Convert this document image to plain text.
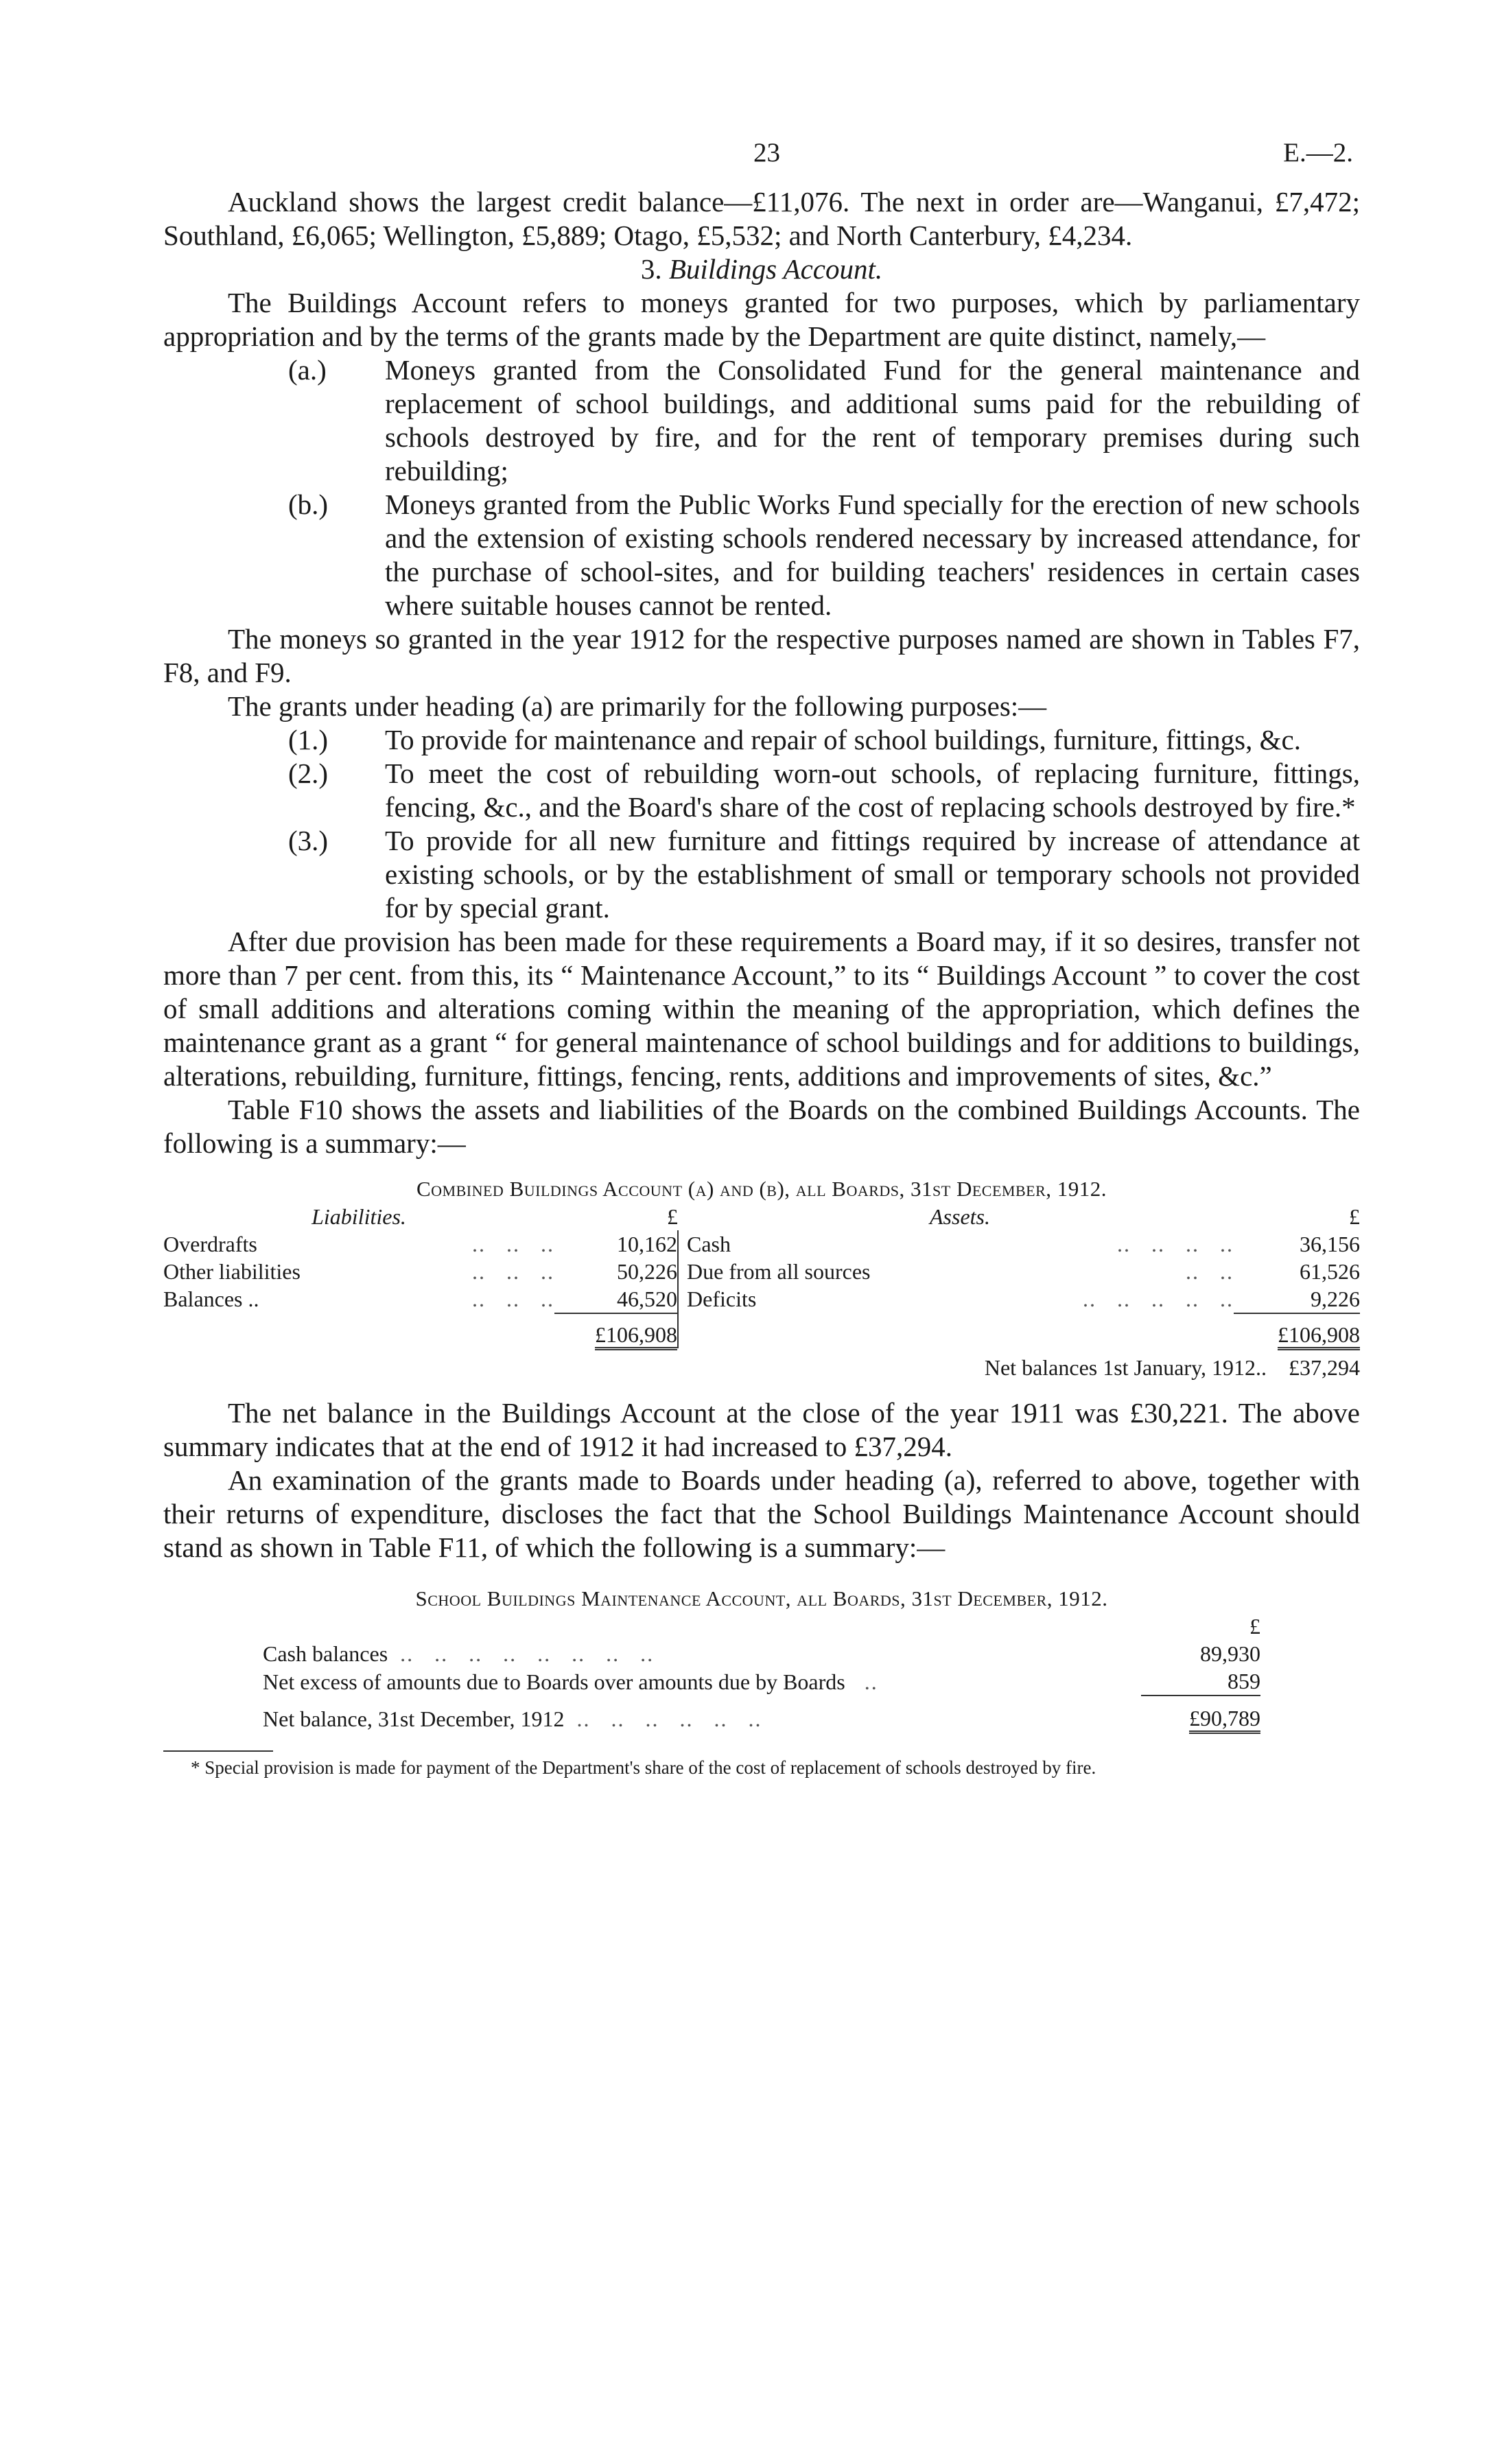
23	E.—2.

Auckland shows the largest credit balance—£11,076. The next in order are—Wanganui, £7,472; Southland, £6,065; Wellington, £5,889; Otago, £5,532; and North Canterbury, £4,234.

3. Buildings Account.

The Buildings Account refers to moneys granted for two purposes, which by parliamentary appropriation and by the terms of the grants made by the Department are quite distinct, namely,—

(a.) Moneys granted from the Consolidated Fund for the general maintenance and replacement of school buildings, and additional sums paid for the rebuilding of schools destroyed by fire, and for the rent of temporary premises during such rebuilding;
(b.) Moneys granted from the Public Works Fund specially for the erection of new schools and the extension of existing schools rendered necessary by increased attendance, for the purchase of school-sites, and for building teachers' residences in certain cases where suitable houses cannot be rented.

The moneys so granted in the year 1912 for the respective purposes named are shown in Tables F7, F8, and F9.

The grants under heading (a) are primarily for the following purposes:—

(1.) To provide for maintenance and repair of school buildings, furniture, fittings, &c.
(2.) To meet the cost of rebuilding worn-out schools, of replacing furniture, fittings, fencing, &c., and the Board's share of the cost of replacing schools destroyed by fire.*
(3.) To provide for all new furniture and fittings required by increase of attendance at existing schools, or by the establishment of small or temporary schools not provided for by special grant.

After due provision has been made for these requirements a Board may, if it so desires, transfer not more than 7 per cent. from this, its “ Maintenance Account,” to its “ Buildings Account ” to cover the cost of small additions and alterations coming within the meaning of the appropriation, which defines the maintenance grant as a grant “ for general maintenance of school buildings and for additions to buildings, alterations, rebuilding, furniture, fittings, fencing, rents, additions and improvements of sites, &c.”

Table F10 shows the assets and liabilities of the Boards on the combined Buildings Accounts. The following is a summary:—

Combined Buildings Account (a) and (b), all Boards, 31st December, 1912.
Liabilities.		£	Assets.		£
Overdrafts	..   ..   ..	10,162	Cash	..   ..   ..   ..	36,156
Other liabilities	..   ..   ..	50,226	Due from all sources	..   ..	61,526
Balances ..	..   ..   ..	46,520	Deficits	..   ..   ..   ..   ..	9,226
		£106,908			£106,908
Net balances 1st January, 1912.. £37,294

The net balance in the Buildings Account at the close of the year 1911 was £30,221. The above summary indicates that at the end of 1912 it had increased to £37,294.

An examination of the grants made to Boards under heading (a), referred to above, together with their returns of expenditure, discloses the fact that the School Buildings Maintenance Account should stand as shown in Table F11, of which the following is a summary:—

School Buildings Maintenance Account, all Boards, 31st December, 1912.
	£
Cash balances  ..   ..   ..   ..   ..   ..   ..   ..	89,930
Net excess of amounts due to Boards over amounts due by Boards   ..	859
Net balance, 31st December, 1912  ..   ..   ..   ..   ..   ..	£90,789

* Special provision is made for payment of the Department's share of the cost of replacement of schools destroyed by fire.
